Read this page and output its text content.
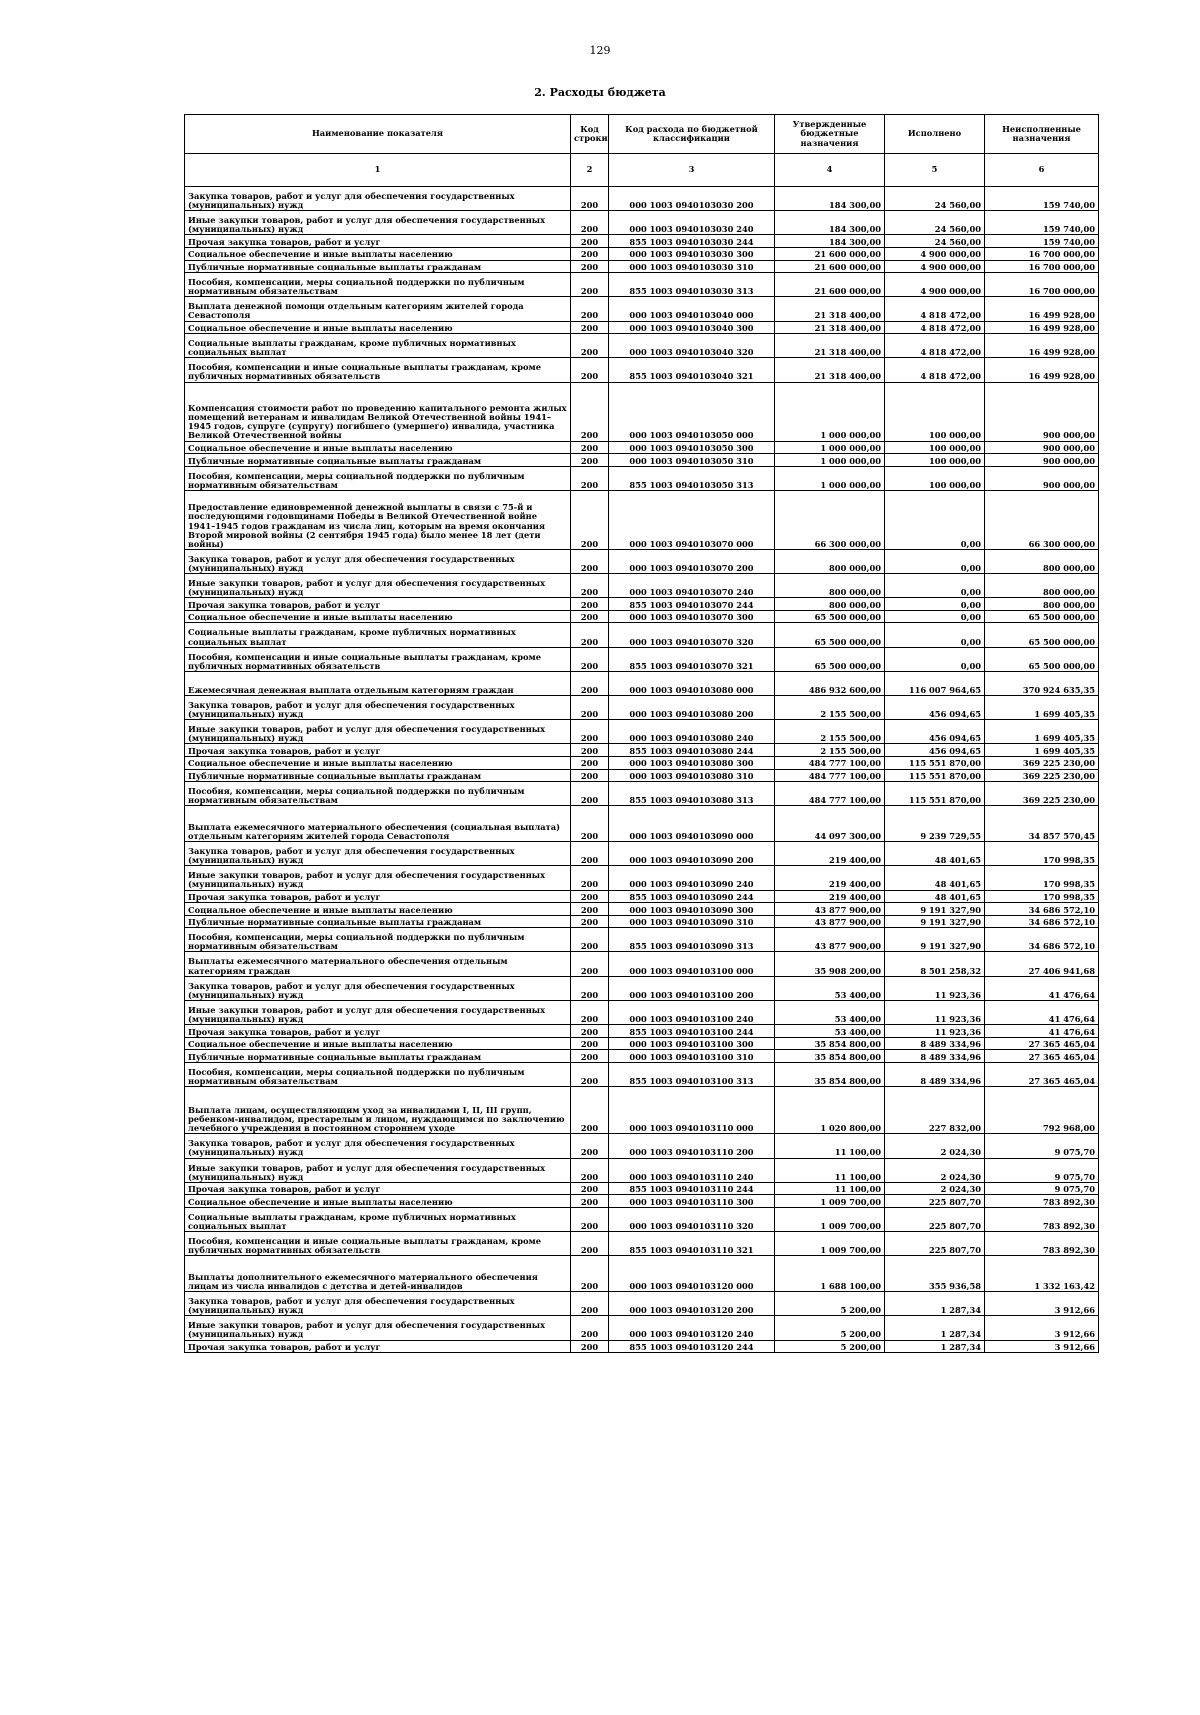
129
2. Расходы бюджета
Наименование показателя	Код строки	Код расхода по бюджетной классификации	Утвержденные бюджетные назначения	Исполнено	Неисполненные назначения
1	2	3	4	5	6
Закупка товаров, работ и услуг для обеспечения государственных (муниципальных) нужд	200	000 1003 0940103030 200	184 300,00	24 560,00	159 740,00
Иные закупки товаров, работ и услуг для обеспечения государственных (муниципальных) нужд	200	000 1003 0940103030 240	184 300,00	24 560,00	159 740,00
Прочая закупка товаров, работ и услуг	200	855 1003 0940103030 244	184 300,00	24 560,00	159 740,00
Социальное обеспечение и иные выплаты населению	200	000 1003 0940103030 300	21 600 000,00	4 900 000,00	16 700 000,00
Публичные нормативные социальные выплаты гражданам	200	000 1003 0940103030 310	21 600 000,00	4 900 000,00	16 700 000,00
Пособия, компенсации, меры социальной поддержки по публичным нормативным обязательствам	200	855 1003 0940103030 313	21 600 000,00	4 900 000,00	16 700 000,00
Выплата денежной помощи отдельным категориям жителей города Севастополя	200	000 1003 0940103040 000	21 318 400,00	4 818 472,00	16 499 928,00
Социальное обеспечение и иные выплаты населению	200	000 1003 0940103040 300	21 318 400,00	4 818 472,00	16 499 928,00
Социальные выплаты гражданам, кроме публичных нормативных социальных выплат	200	000 1003 0940103040 320	21 318 400,00	4 818 472,00	16 499 928,00
Пособия, компенсации и иные социальные выплаты гражданам, кроме публичных нормативных обязательств	200	855 1003 0940103040 321	21 318 400,00	4 818 472,00	16 499 928,00
Компенсация стоимости работ по проведению капитального ремонта жилых помещений ветеранам и инвалидам Великой Отечественной войны 1941–1945 годов, супруге (супругу) погибшего (умершего) инвалида, участника Великой Отечественной войны	200	000 1003 0940103050 000	1 000 000,00	100 000,00	900 000,00
Социальное обеспечение и иные выплаты населению	200	000 1003 0940103050 300	1 000 000,00	100 000,00	900 000,00
Публичные нормативные социальные выплаты гражданам	200	000 1003 0940103050 310	1 000 000,00	100 000,00	900 000,00
Пособия, компенсации, меры социальной поддержки по публичным нормативным обязательствам	200	855 1003 0940103050 313	1 000 000,00	100 000,00	900 000,00
Предоставление единовременной денежной выплаты в связи с 75-й и последующими годовщинами Победы в Великой Отечественной войне 1941–1945 годов гражданам из числа лиц, которым на время окончания Второй мировой войны (2 сентября 1945 года) было менее 18 лет (дети войны)	200	000 1003 0940103070 000	66 300 000,00	0,00	66 300 000,00
Закупка товаров, работ и услуг для обеспечения государственных (муниципальных) нужд	200	000 1003 0940103070 200	800 000,00	0,00	800 000,00
Иные закупки товаров, работ и услуг для обеспечения государственных (муниципальных) нужд	200	000 1003 0940103070 240	800 000,00	0,00	800 000,00
Прочая закупка товаров, работ и услуг	200	855 1003 0940103070 244	800 000,00	0,00	800 000,00
Социальное обеспечение и иные выплаты населению	200	000 1003 0940103070 300	65 500 000,00	0,00	65 500 000,00
Социальные выплаты гражданам, кроме публичных нормативных социальных выплат	200	000 1003 0940103070 320	65 500 000,00	0,00	65 500 000,00
Пособия, компенсации и иные социальные выплаты гражданам, кроме публичных нормативных обязательств	200	855 1003 0940103070 321	65 500 000,00	0,00	65 500 000,00
Ежемесячная денежная выплата отдельным категориям граждан	200	000 1003 0940103080 000	486 932 600,00	116 007 964,65	370 924 635,35
Закупка товаров, работ и услуг для обеспечения государственных (муниципальных) нужд	200	000 1003 0940103080 200	2 155 500,00	456 094,65	1 699 405,35
Иные закупки товаров, работ и услуг для обеспечения государственных (муниципальных) нужд	200	000 1003 0940103080 240	2 155 500,00	456 094,65	1 699 405,35
Прочая закупка товаров, работ и услуг	200	855 1003 0940103080 244	2 155 500,00	456 094,65	1 699 405,35
Социальное обеспечение и иные выплаты населению	200	000 1003 0940103080 300	484 777 100,00	115 551 870,00	369 225 230,00
Публичные нормативные социальные выплаты гражданам	200	000 1003 0940103080 310	484 777 100,00	115 551 870,00	369 225 230,00
Пособия, компенсации, меры социальной поддержки по публичным нормативным обязательствам	200	855 1003 0940103080 313	484 777 100,00	115 551 870,00	369 225 230,00
Выплата ежемесячного материального обеспечения (социальная выплата) отдельным категориям жителей города Севастополя	200	000 1003 0940103090 000	44 097 300,00	9 239 729,55	34 857 570,45
Закупка товаров, работ и услуг для обеспечения государственных (муниципальных) нужд	200	000 1003 0940103090 200	219 400,00	48 401,65	170 998,35
Иные закупки товаров, работ и услуг для обеспечения государственных (муниципальных) нужд	200	000 1003 0940103090 240	219 400,00	48 401,65	170 998,35
Прочая закупка товаров, работ и услуг	200	855 1003 0940103090 244	219 400,00	48 401,65	170 998,35
Социальное обеспечение и иные выплаты населению	200	000 1003 0940103090 300	43 877 900,00	9 191 327,90	34 686 572,10
Публичные нормативные социальные выплаты гражданам	200	000 1003 0940103090 310	43 877 900,00	9 191 327,90	34 686 572,10
Пособия, компенсации, меры социальной поддержки по публичным нормативным обязательствам	200	855 1003 0940103090 313	43 877 900,00	9 191 327,90	34 686 572,10
Выплаты ежемесячного материального обеспечения отдельным категориям граждан	200	000 1003 0940103100 000	35 908 200,00	8 501 258,32	27 406 941,68
Закупка товаров, работ и услуг для обеспечения государственных (муниципальных) нужд	200	000 1003 0940103100 200	53 400,00	11 923,36	41 476,64
Иные закупки товаров, работ и услуг для обеспечения государственных (муниципальных) нужд	200	000 1003 0940103100 240	53 400,00	11 923,36	41 476,64
Прочая закупка товаров, работ и услуг	200	855 1003 0940103100 244	53 400,00	11 923,36	41 476,64
Социальное обеспечение и иные выплаты населению	200	000 1003 0940103100 300	35 854 800,00	8 489 334,96	27 365 465,04
Публичные нормативные социальные выплаты гражданам	200	000 1003 0940103100 310	35 854 800,00	8 489 334,96	27 365 465,04
Пособия, компенсации, меры социальной поддержки по публичным нормативным обязательствам	200	855 1003 0940103100 313	35 854 800,00	8 489 334,96	27 365 465,04
Выплата лицам, осуществляющим уход за инвалидами I, II, III групп, ребенком-инвалидом, престарелым и лицом, нуждающимся по заключению лечебного учреждения в постоянном стороннем уходе	200	000 1003 0940103110 000	1 020 800,00	227 832,00	792 968,00
Закупка товаров, работ и услуг для обеспечения государственных (муниципальных) нужд	200	000 1003 0940103110 200	11 100,00	2 024,30	9 075,70
Иные закупки товаров, работ и услуг для обеспечения государственных (муниципальных) нужд	200	000 1003 0940103110 240	11 100,00	2 024,30	9 075,70
Прочая закупка товаров, работ и услуг	200	855 1003 0940103110 244	11 100,00	2 024,30	9 075,70
Социальное обеспечение и иные выплаты населению	200	000 1003 0940103110 300	1 009 700,00	225 807,70	783 892,30
Социальные выплаты гражданам, кроме публичных нормативных социальных выплат	200	000 1003 0940103110 320	1 009 700,00	225 807,70	783 892,30
Пособия, компенсации и иные социальные выплаты гражданам, кроме публичных нормативных обязательств	200	855 1003 0940103110 321	1 009 700,00	225 807,70	783 892,30
Выплаты дополнительного ежемесячного материального обеспечения лицам из числа инвалидов с детства и детей-инвалидов	200	000 1003 0940103120 000	1 688 100,00	355 936,58	1 332 163,42
Закупка товаров, работ и услуг для обеспечения государственных (муниципальных) нужд	200	000 1003 0940103120 200	5 200,00	1 287,34	3 912,66
Иные закупки товаров, работ и услуг для обеспечения государственных (муниципальных) нужд	200	000 1003 0940103120 240	5 200,00	1 287,34	3 912,66
Прочая закупка товаров, работ и услуг	200	855 1003 0940103120 244	5 200,00	1 287,34	3 912,66
